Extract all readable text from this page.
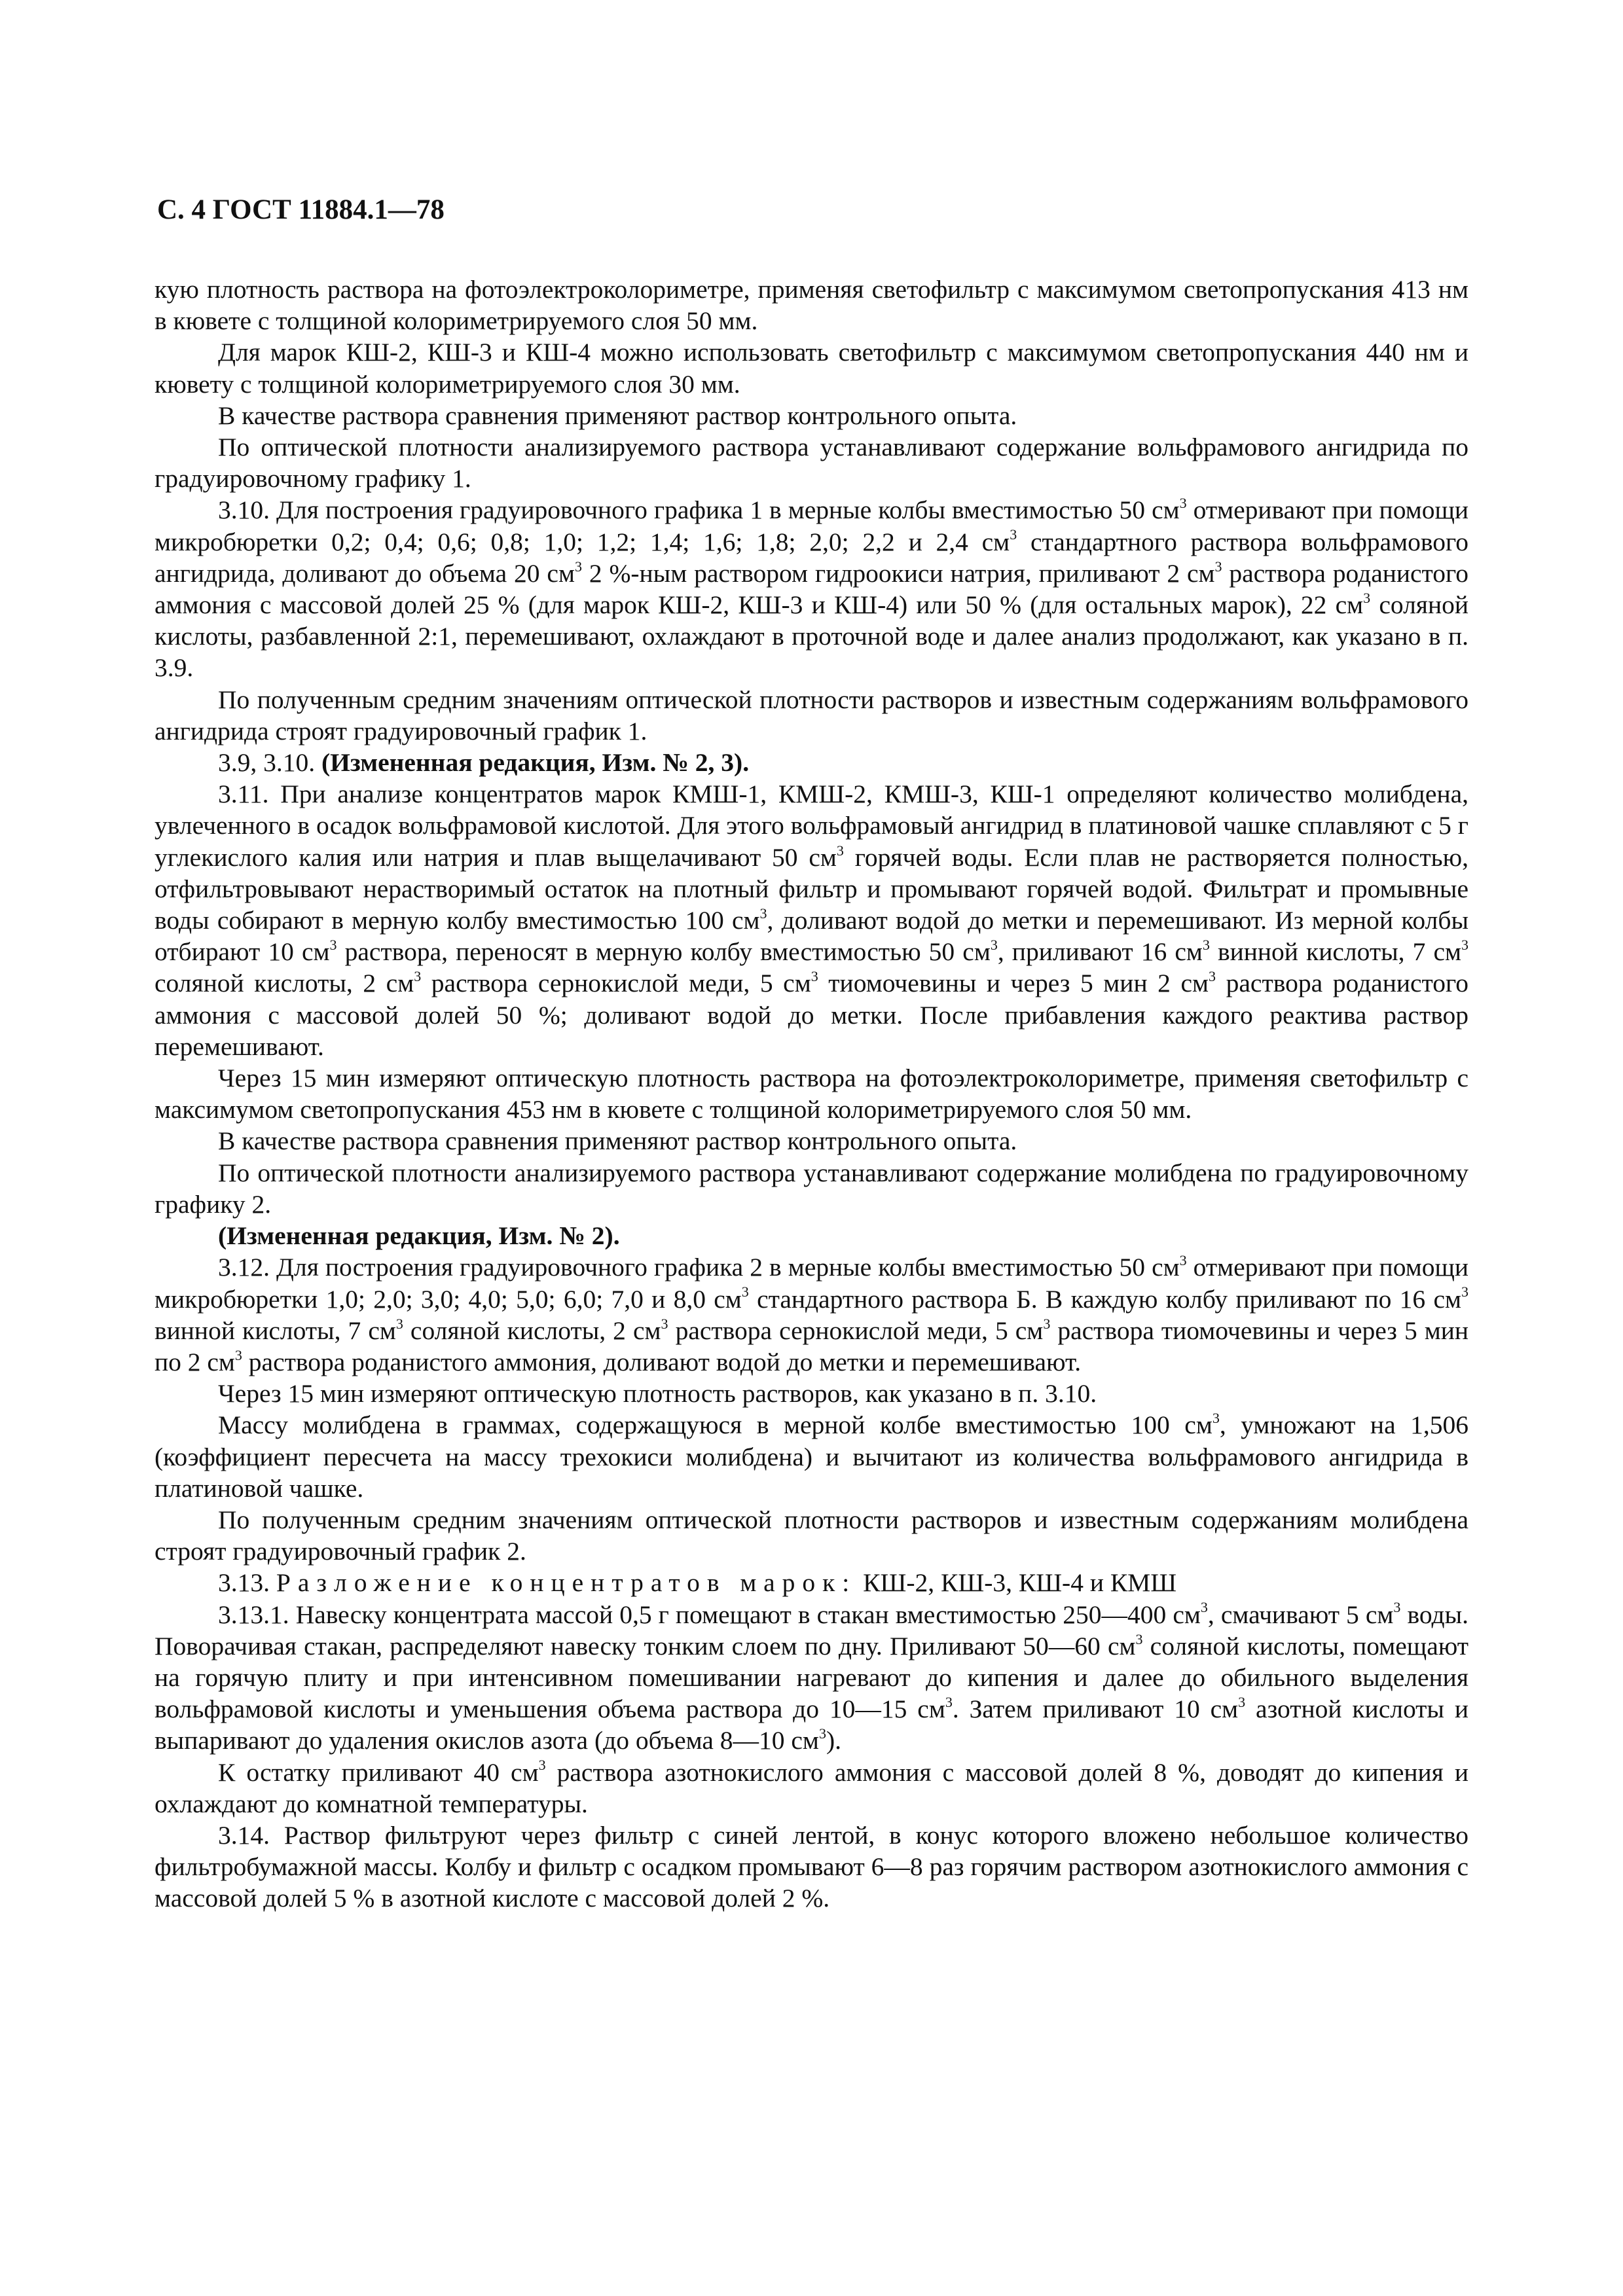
С. 4 ГОСТ 11884.1—78

кую плотность раствора на фотоэлектроколориметре, применяя светофильтр с максимумом светопропускания 413 нм в кювете с толщиной колориметрируемого слоя 50 мм.

Для марок КШ-2, КШ-3 и КШ-4 можно использовать светофильтр с максимумом светопропускания 440 нм и кювету с толщиной колориметрируемого слоя 30 мм.

В качестве раствора сравнения применяют раствор контрольного опыта.

По оптической плотности анализируемого раствора устанавливают содержание вольфрамового ангидрида по градуировочному графику 1.

3.10. Для построения градуировочного графика 1 в мерные колбы вместимостью 50 $см^3$ отмеривают при помощи микробюретки 0,2; 0,4; 0,6; 0,8; 1,0; 1,2; 1,4; 1,6; 1,8; 2,0; 2,2 и 2,4 $см^3$ стандартного раствора вольфрамового ангидрида, доливают до объема 20 $см^3$ 2 %-ным раствором гидроокиси натрия, приливают 2 $см^3$ раствора роданистого аммония с массовой долей 25 % (для марок КШ-2, КШ-3 и КШ-4) или 50 % (для остальных марок), 22 $см^3$ соляной кислоты, разбавленной 2:1, перемешивают, охлаждают в проточной воде и далее анализ продолжают, как указано в п. 3.9.

По полученным средним значениям оптической плотности растворов и известным содержаниям вольфрамового ангидрида строят градуировочный график 1.

3.9, 3.10. (Измененная редакция, Изм. № 2, 3).

3.11. При анализе концентратов марок КМШ-1, КМШ-2, КМШ-3, КШ-1 определяют количество молибдена, увлеченного в осадок вольфрамовой кислотой. Для этого вольфрамовый ангидрид в платиновой чашке сплавляют с 5 г углекислого калия или натрия и плав выщелачивают 50 $см^3$ горячей воды. Если плав не растворяется полностью, отфильтровывают нерастворимый остаток на плотный фильтр и промывают горячей водой. Фильтрат и промывные воды собирают в мерную колбу вместимостью 100 $см^3$, доливают водой до метки и перемешивают. Из мерной колбы отбирают 10 $см^3$ раствора, переносят в мерную колбу вместимостью 50 $см^3$, приливают 16 $см^3$ винной кислоты, 7 $см^3$ соляной кислоты, 2 $см^3$ раствора сернокислой меди, 5 $см^3$ тиомочевины и через 5 мин 2 $см^3$ раствора роданистого аммония с массовой долей 50 %; доливают водой до метки. После прибавления каждого реактива раствор перемешивают.

Через 15 мин измеряют оптическую плотность раствора на фотоэлектроколориметре, применяя светофильтр с максимумом светопропускания 453 нм в кювете с толщиной колориметрируемого слоя 50 мм.

В качестве раствора сравнения применяют раствор контрольного опыта.

По оптической плотности анализируемого раствора устанавливают содержание молибдена по градуировочному графику 2.

(Измененная редакция, Изм. № 2).

3.12. Для построения градуировочного графика 2 в мерные колбы вместимостью 50 $см^3$ отмеривают при помощи микробюретки 1,0; 2,0; 3,0; 4,0; 5,0; 6,0; 7,0 и 8,0 $см^3$ стандартного раствора Б. В каждую колбу приливают по 16 $см^3$ винной кислоты, 7 $см^3$ соляной кислоты, 2 $см^3$ раствора сернокислой меди, 5 $см^3$ раствора тиомочевины и через 5 мин по 2 $см^3$ раствора роданистого аммония, доливают водой до метки и перемешивают.

Через 15 мин измеряют оптическую плотность растворов, как указано в п. 3.10.

Массу молибдена в граммах, содержащуюся в мерной колбе вместимостью 100 $см^3$, умножают на 1,506 (коэффициент пересчета на массу трехокиси молибдена) и вычитают из количества вольфрамового ангидрида в платиновой чашке.

По полученным средним значениям оптической плотности растворов и известным содержаниям молибдена строят градуировочный график 2.

3.13. Разложение концентратов марок: КШ-2, КШ-3, КШ-4 и КМШ

3.13.1. Навеску концентрата массой 0,5 г помещают в стакан вместимостью 250—400 $см^3$, смачивают 5 $см^3$ воды. Поворачивая стакан, распределяют навеску тонким слоем по дну. Приливают 50—60 $см^3$ соляной кислоты, помещают на горячую плиту и при интенсивном помешивании нагревают до кипения и далее до обильного выделения вольфрамовой кислоты и уменьшения объема раствора до 10—15 $см^3$. Затем приливают 10 $см^3$ азотной кислоты и выпаривают до удаления окислов азота (до объема 8—10 $см^3$).

К остатку приливают 40 $см^3$ раствора азотнокислого аммония с массовой долей 8 %, доводят до кипения и охлаждают до комнатной температуры.

3.14. Раствор фильтруют через фильтр с синей лентой, в конус которого вложено небольшое количество фильтробумажной массы. Колбу и фильтр с осадком промывают 6—8 раз горячим раствором азотнокислого аммония с массовой долей 5 % в азотной кислоте с массовой долей 2 %.
